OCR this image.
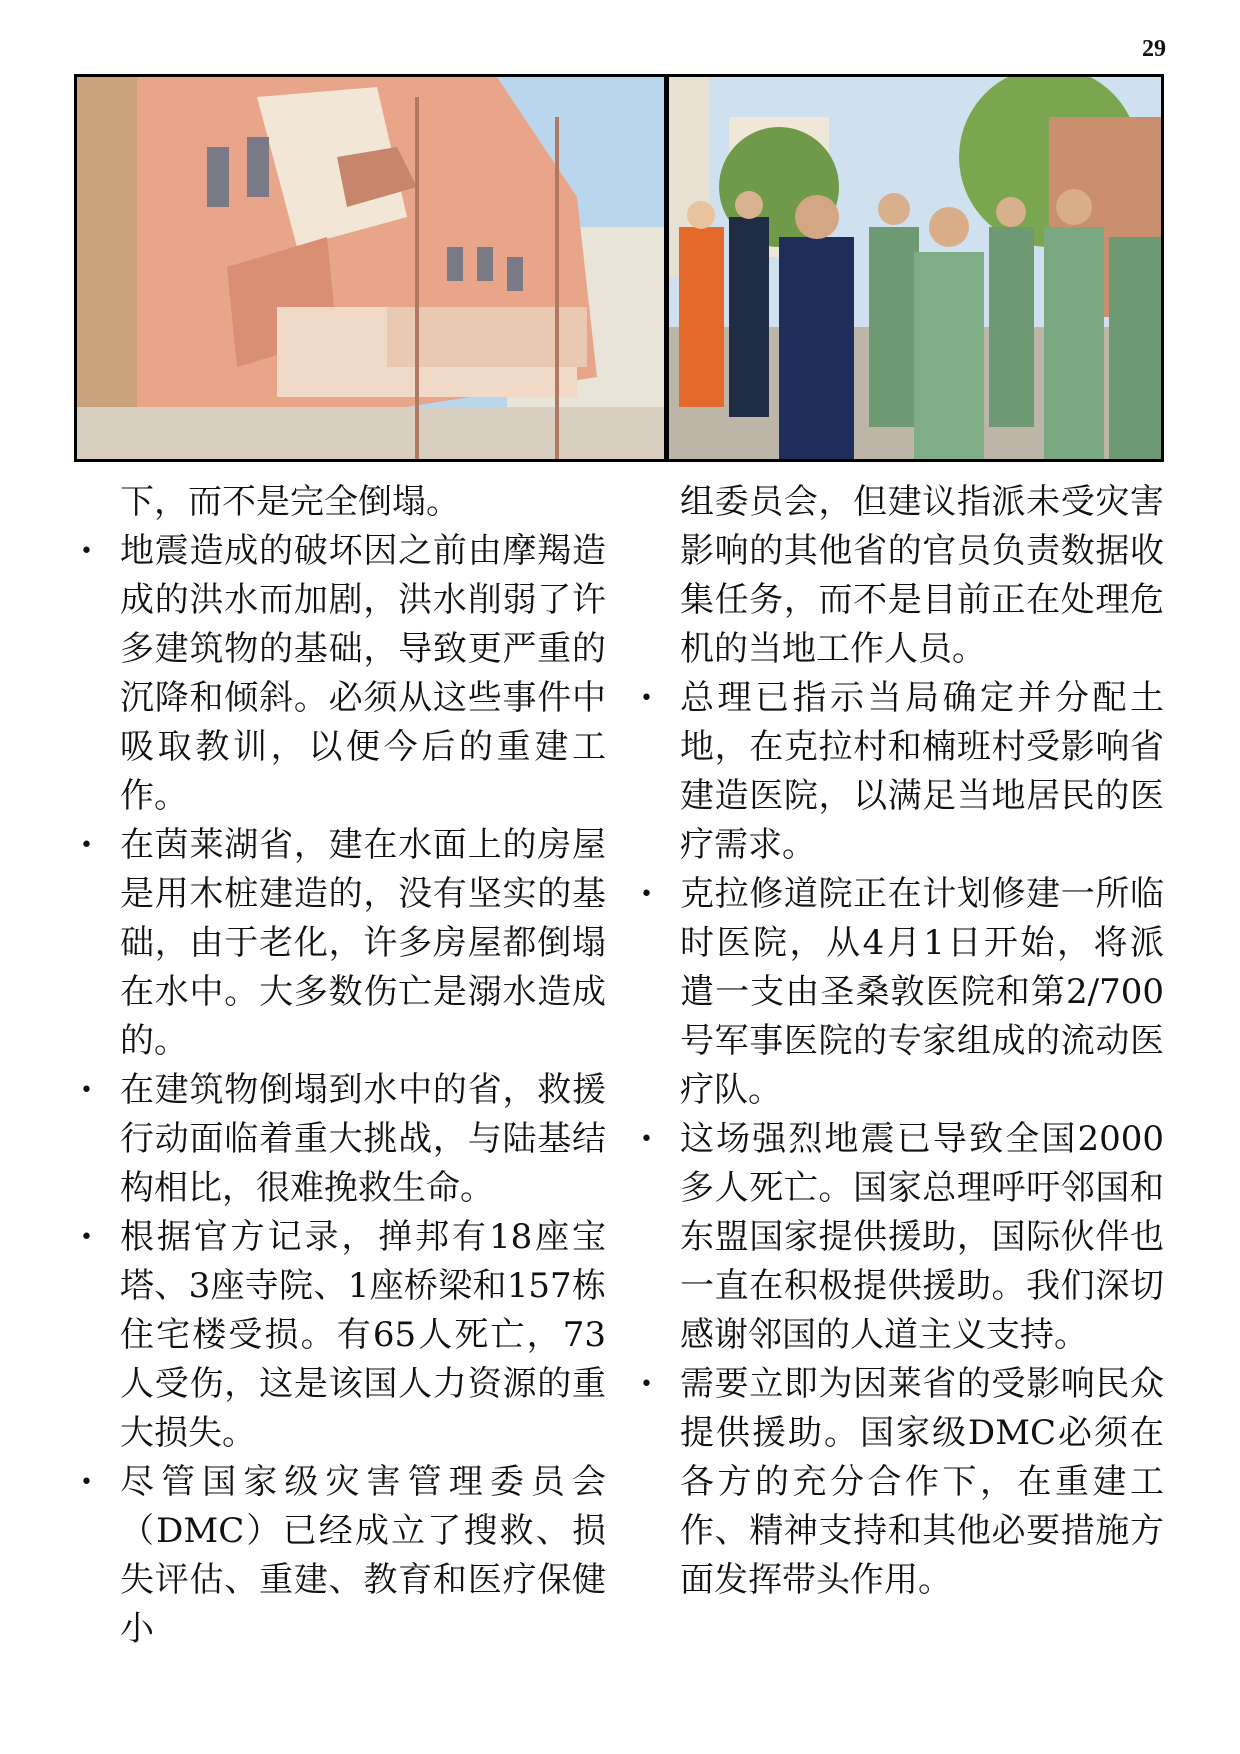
29

下，而不是完全倒塌。

• 地震造成的破坏因之前由摩羯造成的洪水而加剧，洪水削弱了许多建筑物的基础，导致更严重的沉降和倾斜。必须从这些事件中吸取教训，以便今后的重建工作。
• 在茵莱湖省，建在水面上的房屋是用木桩建造的，没有坚实的基础，由于老化，许多房屋都倒塌在水中。大多数伤亡是溺水造成的。
• 在建筑物倒塌到水中的省，救援行动面临着重大挑战，与陆基结构相比，很难挽救生命。
• 根据官方记录，掸邦有18座宝塔、3座寺院、1座桥梁和157栋住宅楼受损。有65人死亡，73人受伤，这是该国人力资源的重大损失。
• 尽管国家级灾害管理委员会（DMC）已经成立了搜救、损失评估、重建、教育和医疗保健小

组委员会，但建议指派未受灾害影响的其他省的官员负责数据收集任务，而不是目前正在处理危机的当地工作人员。

• 总理已指示当局确定并分配土地，在克拉村和楠班村受影响省建造医院，以满足当地居民的医疗需求。
• 克拉修道院正在计划修建一所临时医院，从4月1日开始，将派遣一支由圣桑敦医院和第2/700号军事医院的专家组成的流动医疗队。
• 这场强烈地震已导致全国2000多人死亡。国家总理呼吁邻国和东盟国家提供援助，国际伙伴也一直在积极提供援助。我们深切感谢邻国的人道主义支持。
• 需要立即为因莱省的受影响民众提供援助。国家级DMC必须在各方的充分合作下，在重建工作、精神支持和其他必要措施方面发挥带头作用。
